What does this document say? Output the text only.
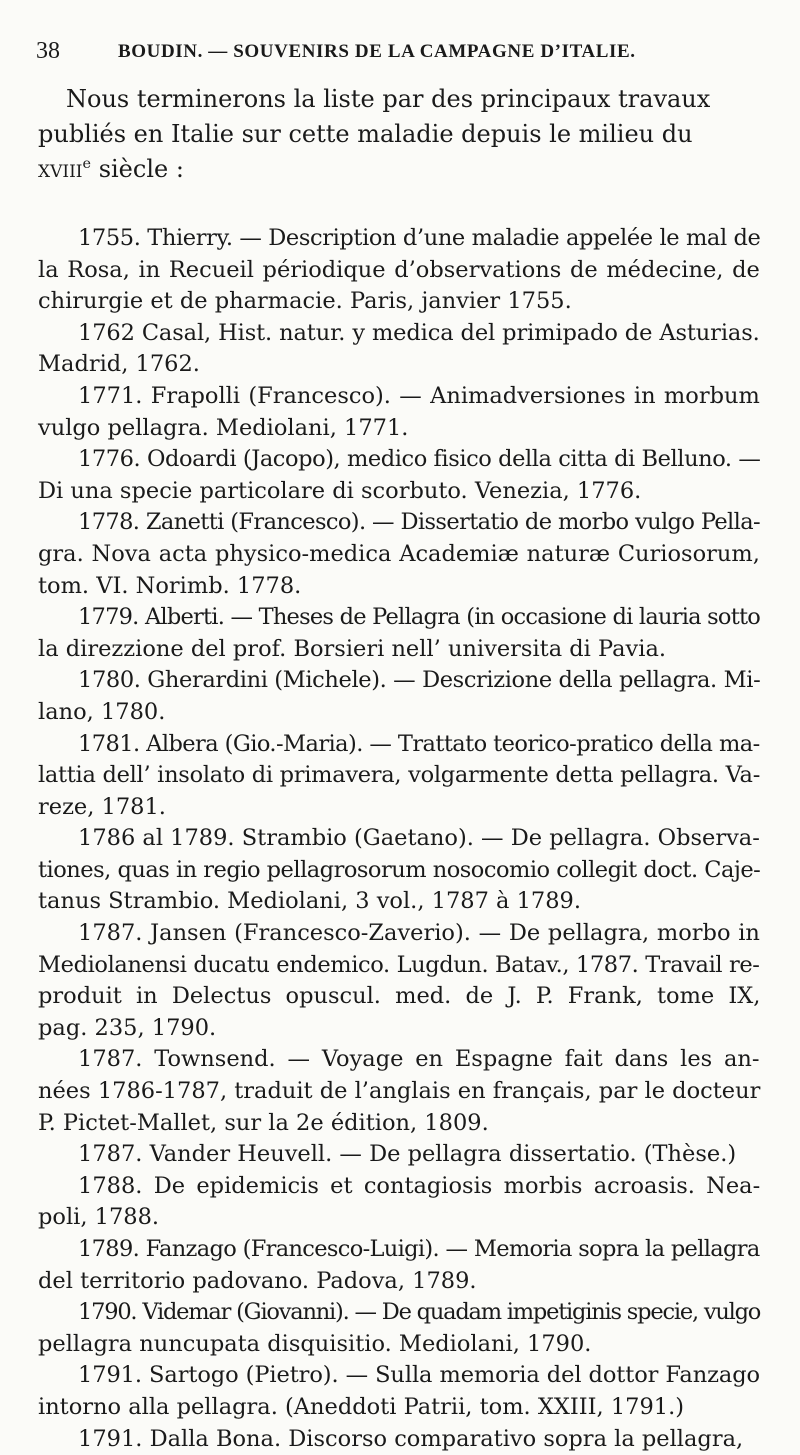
38	BOUDIN. — SOUVENIRS DE LA CAMPAGNE D’ITALIE.

Nous terminerons la liste par des principaux travaux
publiés en Italie sur cette maladie depuis le milieu du
xviii$^e$ siècle :

1755. Thierry. — Description d’une maladie appelée le mal de
la Rosa, in Recueil périodique d’observations de médecine, de
chirurgie et de pharmacie. Paris, janvier 1755.

1762 Casal, Hist. natur. y medica del primipado de Asturias.
Madrid, 1762.

1771. Frapolli (Francesco). — Animadversiones in morbum
vulgo pellagra. Mediolani, 1771.

1776. Odoardi (Jacopo), medico fisico della citta di Belluno. —
Di una specie particolare di scorbuto. Venezia, 1776.

1778. Zanetti (Francesco). — Dissertatio de morbo vulgo Pella-
gra. Nova acta physico-medica Academiæ naturæ Curiosorum,
tom. VI. Norimb. 1778.

1779. Alberti. — Theses de Pellagra (in occasione di lauria sotto
la direzzione del prof. Borsieri nell’ universita di Pavia.

1780. Gherardini (Michele). — Descrizione della pellagra. Mi-
lano, 1780.

1781. Albera (Gio.-Maria). — Trattato teorico-pratico della ma-
lattia dell’ insolato di primavera, volgarmente detta pellagra. Va-
reze, 1781.

1786 al 1789. Strambio (Gaetano). — De pellagra. Observa-
tiones, quas in regio pellagrosorum nosocomio collegit doct. Caje-
tanus Strambio. Mediolani, 3 vol., 1787 à 1789.

1787. Jansen (Francesco-Zaverio). — De pellagra, morbo in
Mediolanensi ducatu endemico. Lugdun. Batav., 1787. Travail re-
produit in Delectus opuscul. med. de J. P. Frank, tome IX,
pag. 235, 1790.

1787. Townsend. — Voyage en Espagne fait dans les an-
nées 1786-1787, traduit de l’anglais en français, par le docteur
P. Pictet-Mallet, sur la 2e édition, 1809.

1787. Vander Heuvell. — De pellagra dissertatio. (Thèse.)

1788. De epidemicis et contagiosis morbis acroasis. Nea-
poli, 1788.

1789. Fanzago (Francesco-Luigi). — Memoria sopra la pellagra
del territorio padovano. Padova, 1789.

1790. Videmar (Giovanni). — De quadam impetiginis specie, vulgo
pellagra nuncupata disquisitio. Mediolani, 1790.

1791. Sartogo (Pietro). — Sulla memoria del dottor Fanzago
intorno alla pellagra. (Aneddoti Patrii, tom. XXIII, 1791.)

1791. Dalla Bona. Discorso comparativo sopra la pellagra,
